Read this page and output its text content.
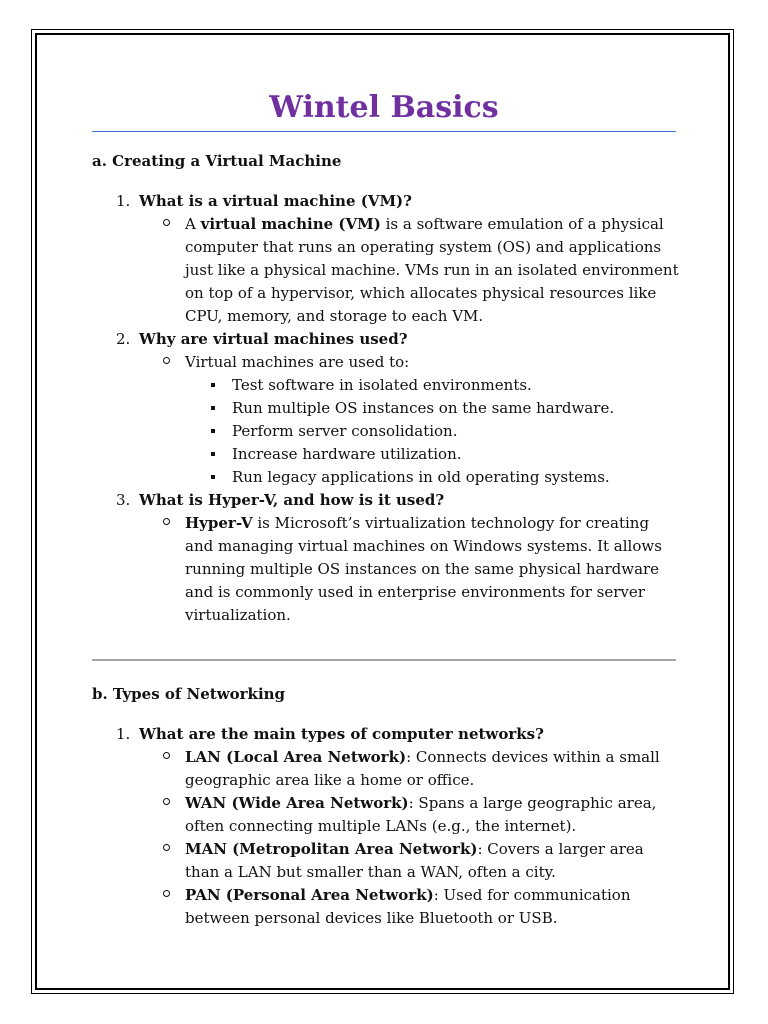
Wintel Basics

a. Creating a Virtual Machine

1. What is a virtual machine (VM)?
A virtual machine (VM) is a software emulation of a physical computer that runs an operating system (OS) and applications just like a physical machine. VMs run in an isolated environment on top of a hypervisor, which allocates physical resources like CPU, memory, and storage to each VM.
2. Why are virtual machines used?
Virtual machines are used to:
Test software in isolated environments.
Run multiple OS instances on the same hardware.
Perform server consolidation.
Increase hardware utilization.
Run legacy applications in old operating systems.
3. What is Hyper-V, and how is it used?
Hyper-V is Microsoft’s virtualization technology for creating and managing virtual machines on Windows systems. It allows running multiple OS instances on the same physical hardware and is commonly used in enterprise environments for server virtualization.

b. Types of Networking

1. What are the main types of computer networks?
LAN (Local Area Network): Connects devices within a small geographic area like a home or office.
WAN (Wide Area Network): Spans a large geographic area, often connecting multiple LANs (e.g., the internet).
MAN (Metropolitan Area Network): Covers a larger area than a LAN but smaller than a WAN, often a city.
PAN (Personal Area Network): Used for communication between personal devices like Bluetooth or USB.
